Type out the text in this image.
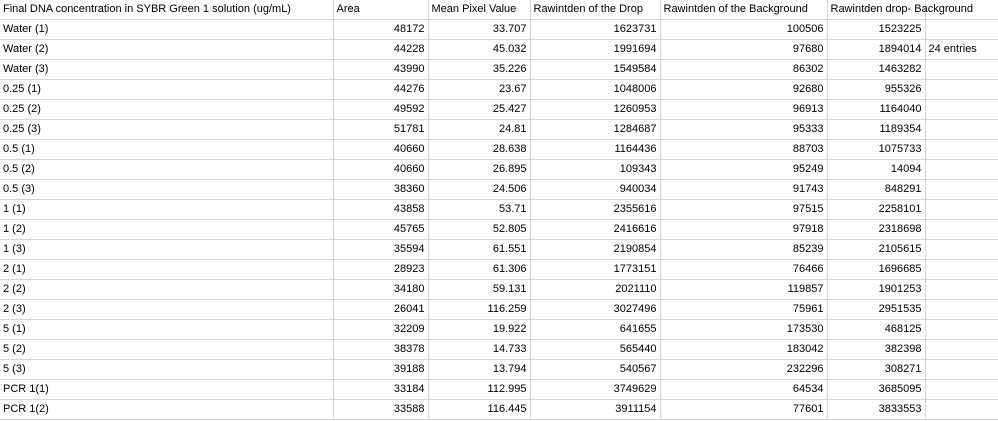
Final DNA concentration in SYBR Green 1 solution (ug/mL)	Area	Mean Pixel Value	Rawintden of the Drop	Rawintden of the Background	Rawintden drop- Background	
Water (1)	48172	33.707	1623731	100506	1523225	
Water (2)	44228	45.032	1991694	97680	1894014	24 entries
Water (3)	43990	35.226	1549584	86302	1463282	
0.25 (1)	44276	23.67	1048006	92680	955326	
0.25 (2)	49592	25.427	1260953	96913	1164040	
0.25 (3)	51781	24.81	1284687	95333	1189354	
0.5 (1)	40660	28.638	1164436	88703	1075733	
0.5 (2)	40660	26.895	109343	95249	14094	
0.5 (3)	38360	24.506	940034	91743	848291	
1 (1)	43858	53.71	2355616	97515	2258101	
1 (2)	45765	52.805	2416616	97918	2318698	
1 (3)	35594	61.551	2190854	85239	2105615	
2 (1)	28923	61.306	1773151	76466	1696685	
2 (2)	34180	59.131	2021110	119857	1901253	
2 (3)	26041	116.259	3027496	75961	2951535	
5 (1)	32209	19.922	641655	173530	468125	
5 (2)	38378	14.733	565440	183042	382398	
5 (3)	39188	13.794	540567	232296	308271	
PCR 1(1)	33184	112.995	3749629	64534	3685095	
PCR 1(2)	33588	116.445	3911154	77601	3833553	
